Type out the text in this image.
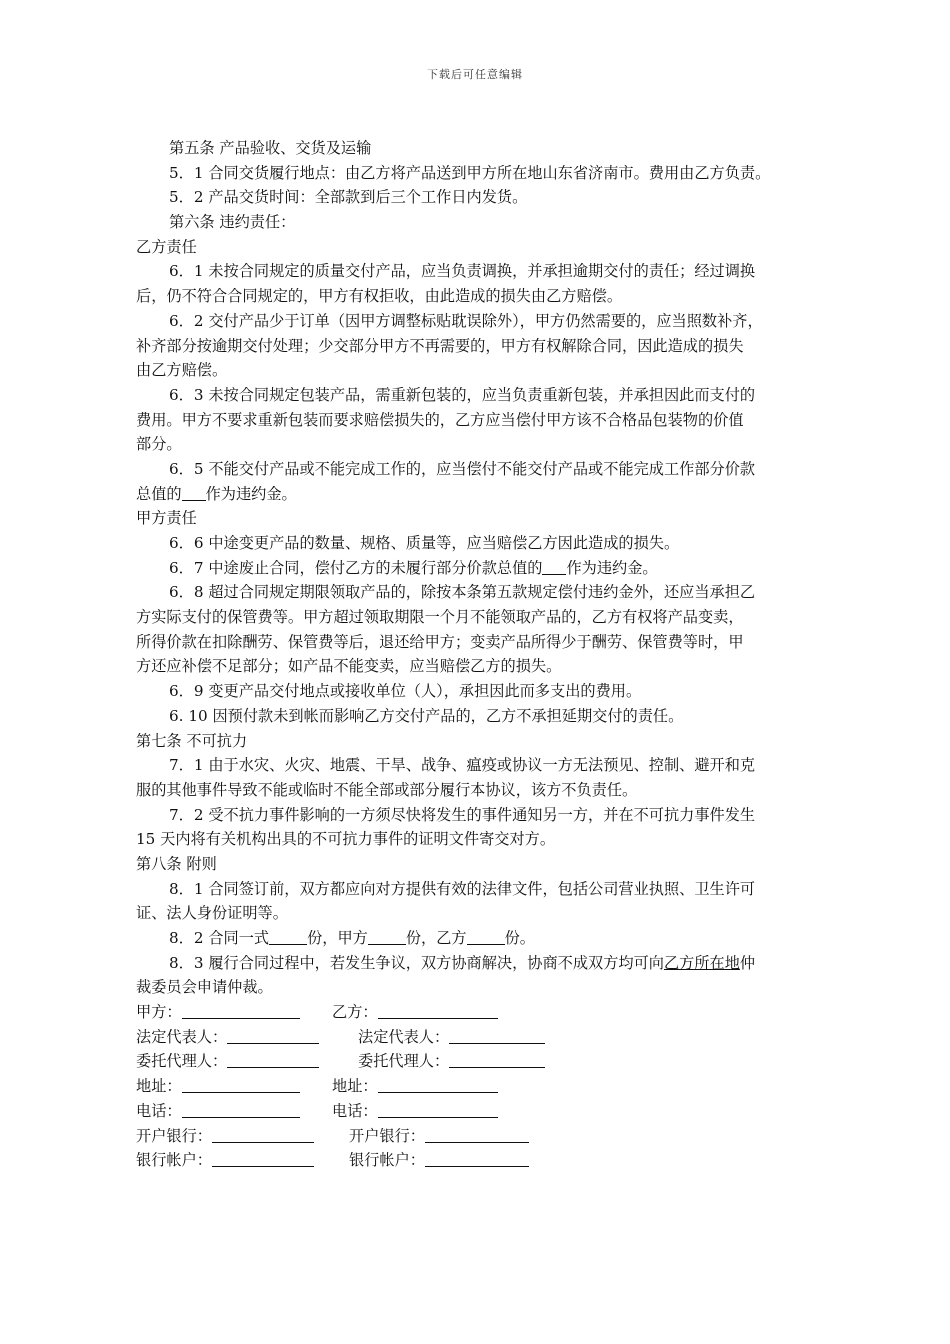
下载后可任意编辑
第五条 产品验收、交货及运输
5．1 合同交货履行地点：由乙方将产品送到甲方所在地山东省济南市。费用由乙方负责。
5．2 产品交货时间：全部款到后三个工作日内发货。
第六条 违约责任：
乙方责任
6．1 未按合同规定的质量交付产品，应当负责调换，并承担逾期交付的责任；经过调换
后，仍不符合合同规定的，甲方有权拒收，由此造成的损失由乙方赔偿。
6．2 交付产品少于订单（因甲方调整标贴耽误除外），甲方仍然需要的，应当照数补齐，
补齐部分按逾期交付处理；少交部分甲方不再需要的，甲方有权解除合同，因此造成的损失
由乙方赔偿。
6．3 未按合同规定包装产品，需重新包装的，应当负责重新包装，并承担因此而支付的
费用。甲方不要求重新包装而要求赔偿损失的，乙方应当偿付甲方该不合格品包装物的价值
部分。
6．5 不能交付产品或不能完成工作的，应当偿付不能交付产品或不能完成工作部分价款
总值的 作为违约金。
甲方责任
6．6 中途变更产品的数量、规格、质量等，应当赔偿乙方因此造成的损失。
6．7 中途废止合同，偿付乙方的未履行部分价款总值的 作为违约金。
6．8 超过合同规定期限领取产品的，除按本条第五款规定偿付违约金外，还应当承担乙
方实际支付的保管费等。甲方超过领取期限一个月不能领取产品的，乙方有权将产品变卖，
所得价款在扣除酬劳、保管费等后，退还给甲方；变卖产品所得少于酬劳、保管费等时，甲
方还应补偿不足部分；如产品不能变卖，应当赔偿乙方的损失。
6．9 变更产品交付地点或接收单位（人），承担因此而多支出的费用。
6. 10 因预付款未到帐而影响乙方交付产品的，乙方不承担延期交付的责任。
第七条 不可抗力
7．1 由于水灾、火灾、地震、干旱、战争、瘟疫或协议一方无法预见、控制、避开和克
服的其他事件导致不能或临时不能全部或部分履行本协议，该方不负责任。
7．2 受不抗力事件影响的一方须尽快将发生的事件通知另一方，并在不可抗力事件发生
15 天内将有关机构出具的不可抗力事件的证明文件寄交对方。
第八条 附则
8．1 合同签订前，双方都应向对方提供有效的法律文件，包括公司营业执照、卫生许可
证、法人身份证明等。
8．2 合同一式	份，甲方	份，乙方	份。
8．3 履行合同过程中，若发生争议，双方协商解决，协商不成双方均可向乙方所在地仲
裁委员会申请仲裁。
甲方：	乙方：
法定代表人：	法定代表人：
委托代理人：	委托代理人：
地址：	地址：
电话：	电话：
开户银行：	开户银行：
银行帐户：	银行帐户：
